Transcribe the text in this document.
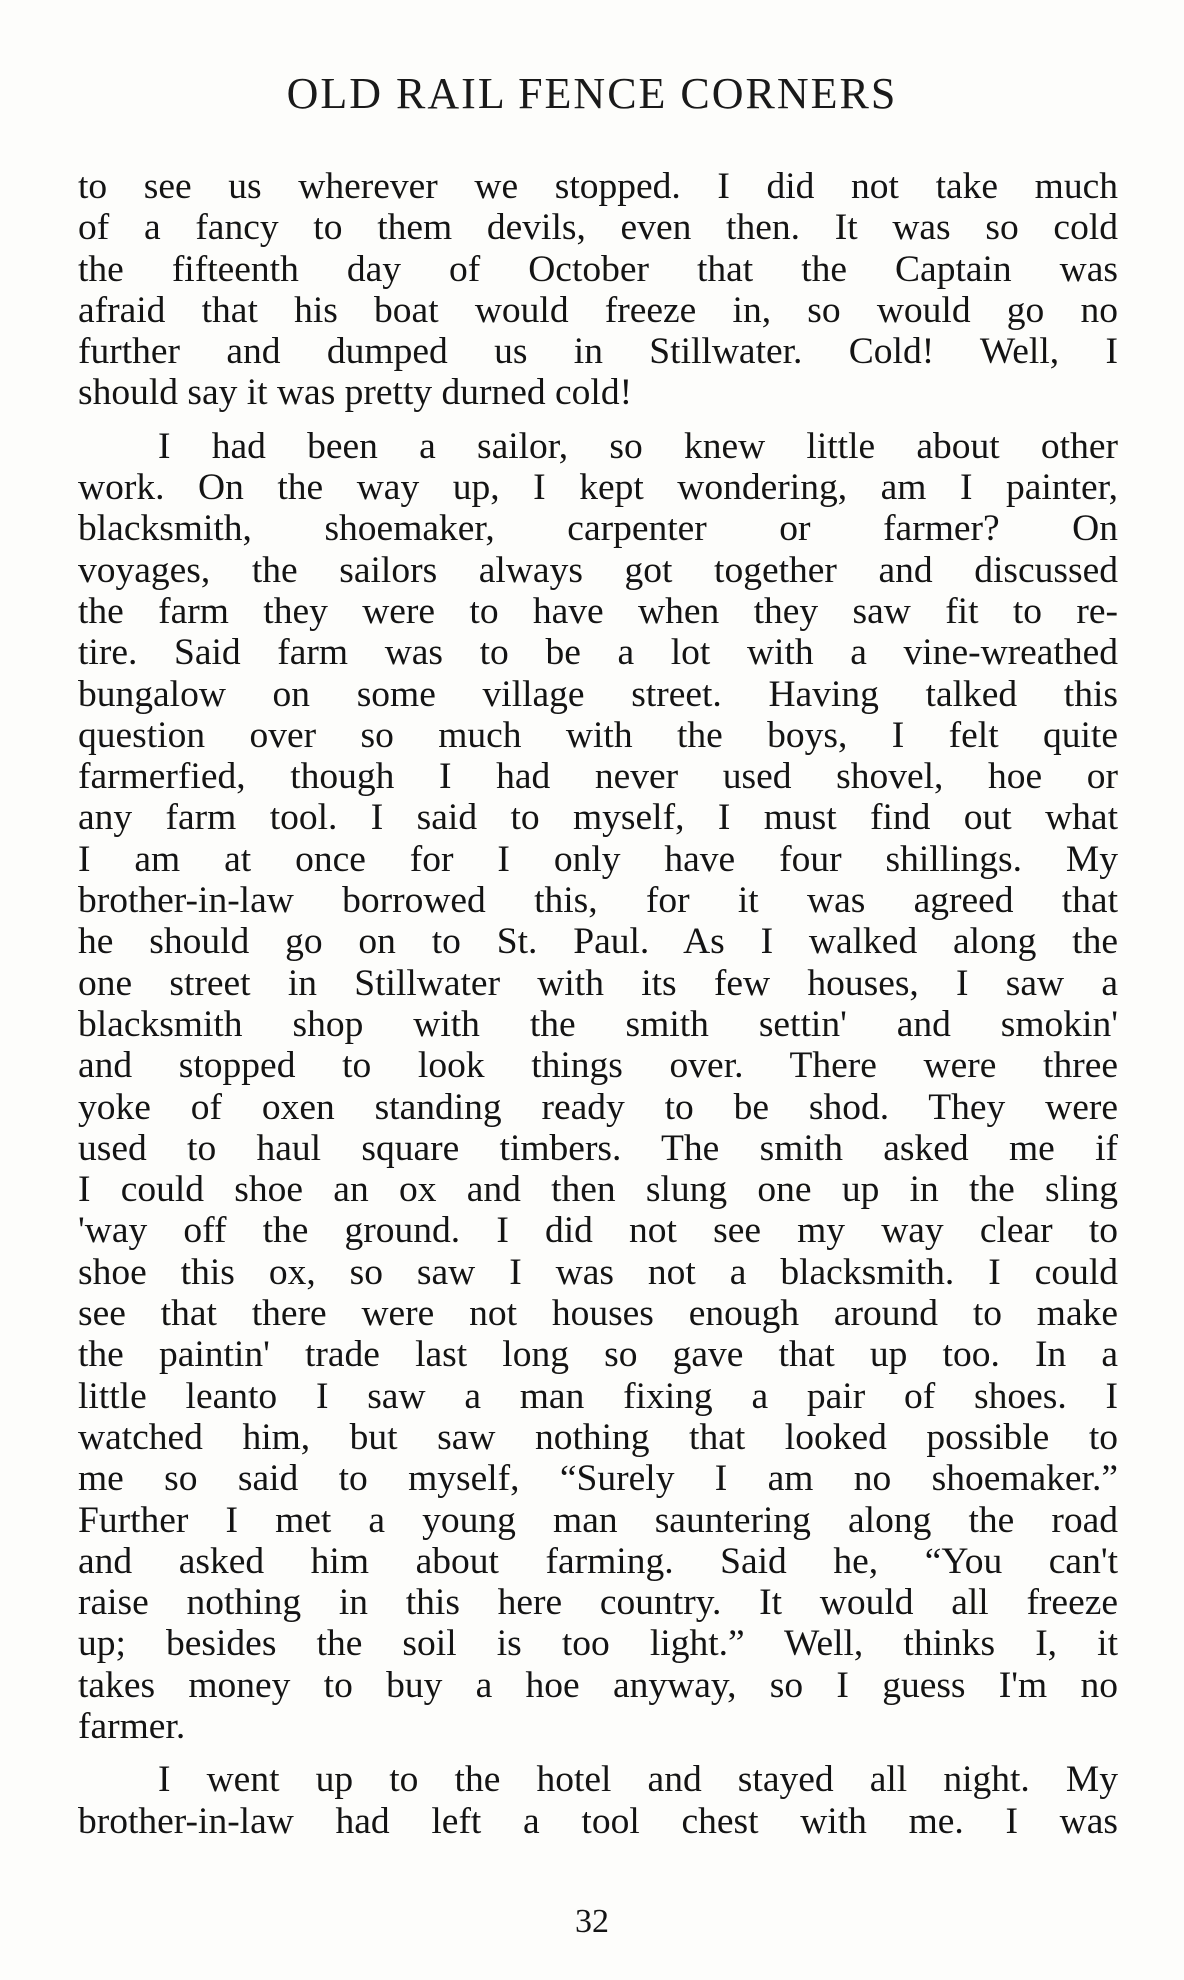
OLD RAIL FENCE CORNERS

to see us wherever we stopped. I did not take much
of a fancy to them devils, even then. It was so cold
the fifteenth day of October that the Captain was
afraid that his boat would freeze in, so would go no
further and dumped us in Stillwater. Cold! Well, I
should say it was pretty durned cold!

I had been a sailor, so knew little about other
work. On the way up, I kept wondering, am I painter,
blacksmith, shoemaker, carpenter or farmer? On
voyages, the sailors always got together and discussed
the farm they were to have when they saw fit to re-
tire. Said farm was to be a lot with a vine-wreathed
bungalow on some village street. Having talked this
question over so much with the boys, I felt quite
farmerfied, though I had never used shovel, hoe or
any farm tool. I said to myself, I must find out what
I am at once for I only have four shillings. My
brother-in-law borrowed this, for it was agreed that
he should go on to St. Paul. As I walked along the
one street in Stillwater with its few houses, I saw a
blacksmith shop with the smith settin' and smokin'
and stopped to look things over. There were three
yoke of oxen standing ready to be shod. They were
used to haul square timbers. The smith asked me if
I could shoe an ox and then slung one up in the sling
'way off the ground. I did not see my way clear to
shoe this ox, so saw I was not a blacksmith. I could
see that there were not houses enough around to make
the paintin' trade last long so gave that up too. In a
little leanto I saw a man fixing a pair of shoes. I
watched him, but saw nothing that looked possible to
me so said to myself, “Surely I am no shoemaker.”
Further I met a young man sauntering along the road
and asked him about farming. Said he, “You can't
raise nothing in this here country. It would all freeze
up; besides the soil is too light.” Well, thinks I, it
takes money to buy a hoe anyway, so I guess I'm no
farmer.

I went up to the hotel and stayed all night. My
brother-in-law had left a tool chest with me. I was

32
